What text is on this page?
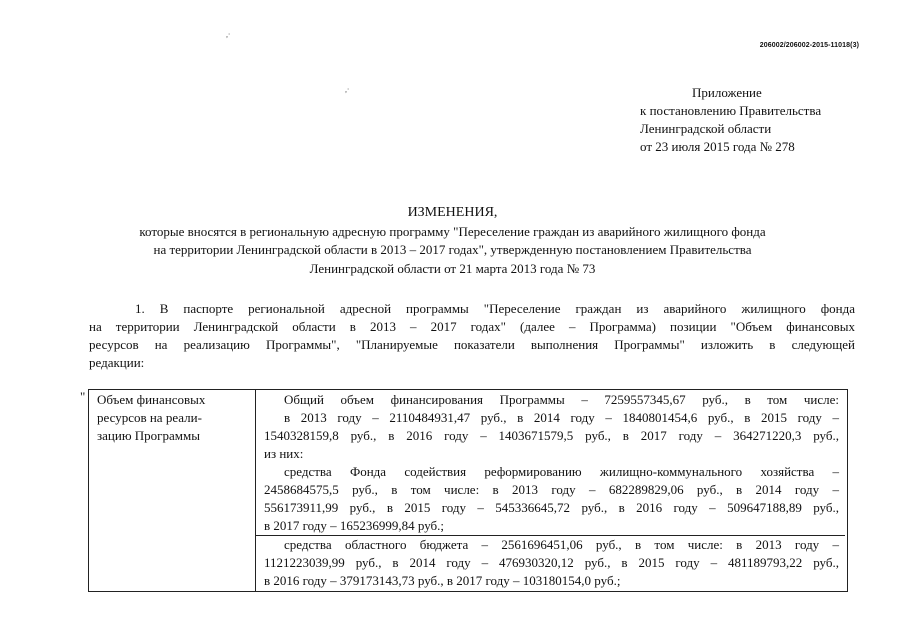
206002/206002-2015-11018(3)
,·
,·	Приложение
к постановлению Правительства
Ленинградской области
от 23 июля 2015 года № 278
ИЗМЕНЕНИЯ,
которые вносятся в региональную адресную программу "Переселение граждан из аварийного жилищного фонда
на территории Ленинградской области в 2013 – 2017 годах", утвержденную постановлением Правительства
Ленинградской области от 21 марта 2013 года № 73
1. В паспорте региональной адресной программы "Переселение граждан из аварийного жилищного фонда
на территории Ленинградской области в 2013 – 2017 годах" (далее – Программа) позиции "Объем финансовых
ресурсов на реализацию Программы", "Планируемые показатели выполнения Программы" изложить в следующей
редакции:
" Объем финансовых
ресурсов на реали-
зацию Программы

Общий объем финансирования Программы – 7259557345,67 руб., в том числе:
в 2013 году – 2110484931,47 руб., в 2014 году – 1840801454,6 руб., в 2015 году –
1540328159,8 руб., в 2016 году – 1403671579,5 руб., в 2017 году – 364271220,3 руб.,
из них:
средства Фонда содействия реформированию жилищно-коммунального хозяйства –
2458684575,5 руб., в том числе: в 2013 году – 682289829,06 руб., в 2014 году –
556173911,99 руб., в 2015 году – 545336645,72 руб., в 2016 году – 509647188,89 руб.,
в 2017 году – 165236999,84 руб.;
средства областного бюджета – 2561696451,06 руб., в том числе: в 2013 году –
1121223039,99 руб., в 2014 году – 476930320,12 руб., в 2015 году – 481189793,22 руб.,
в 2016 году – 379173143,73 руб., в 2017 году – 103180154,0 руб.;
